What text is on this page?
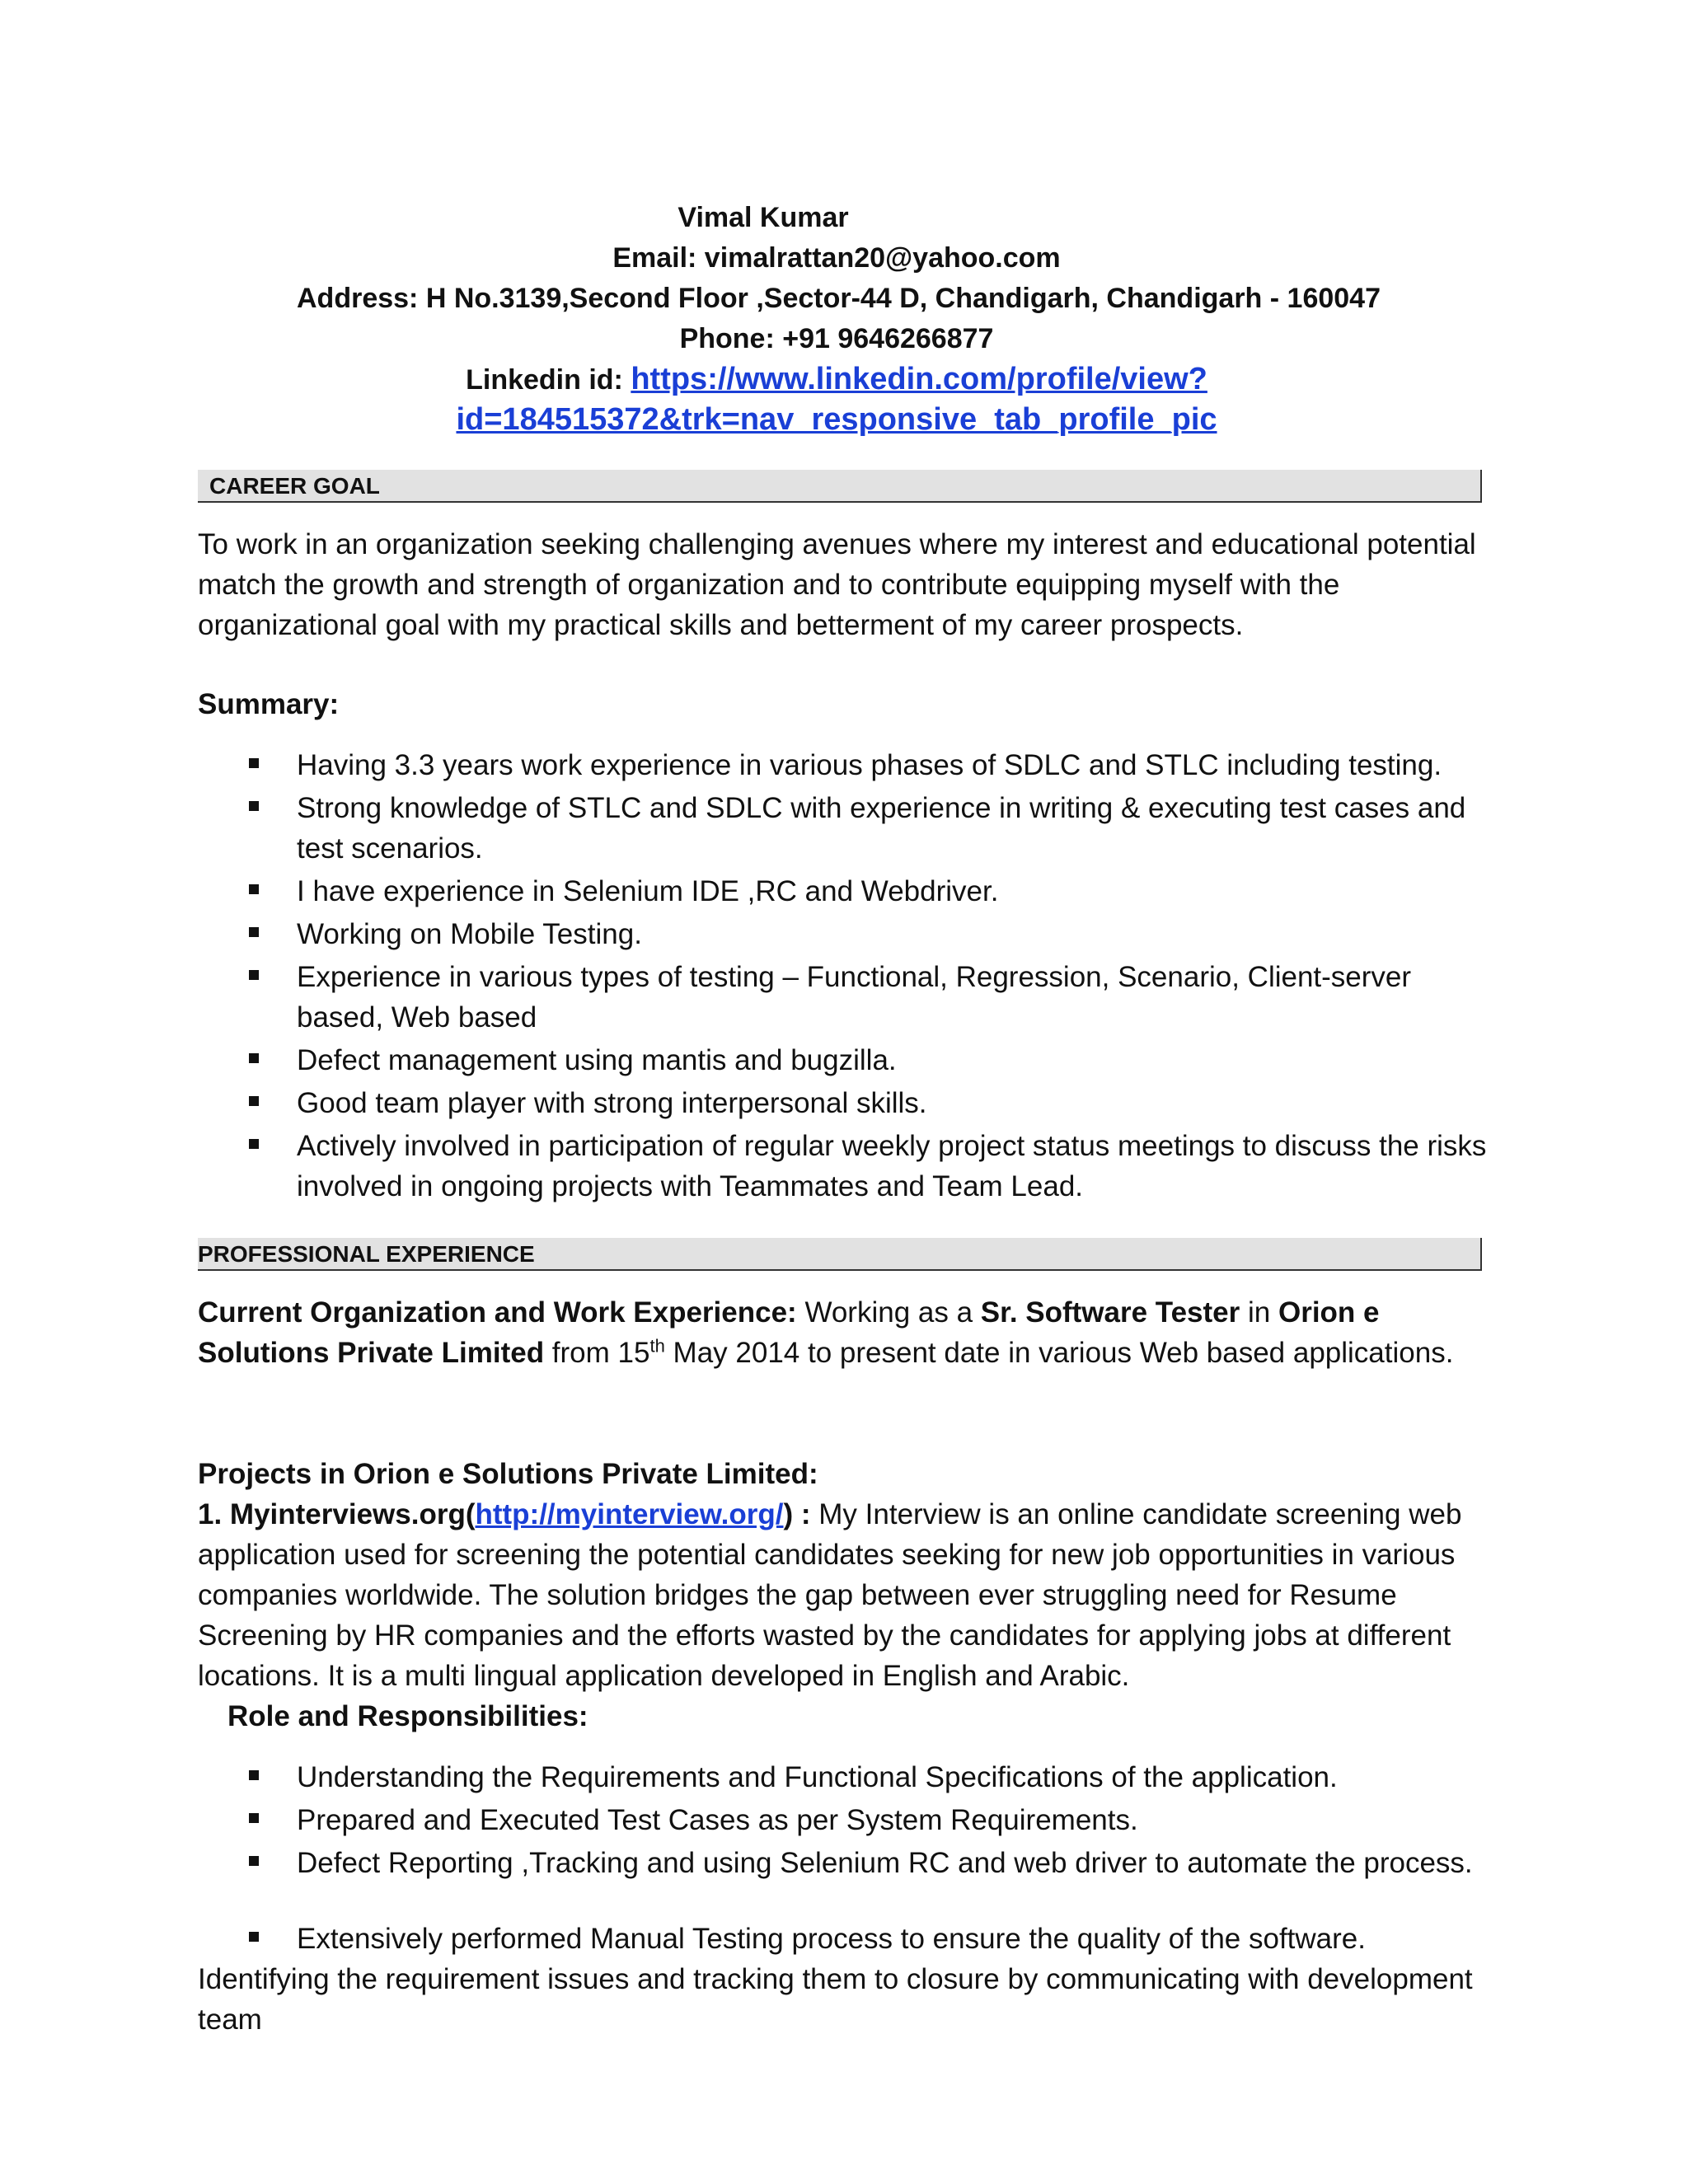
Vimal Kumar
Email: vimalrattan20@yahoo.com
Address: H No.3139,Second Floor ,Sector-44 D, Chandigarh, Chandigarh - 160047
Phone: +91 9646266877
Linkedin id: https://www.linkedin.com/profile/view?
id=184515372&trk=nav_responsive_tab_profile_pic
CAREER GOAL
To work in an organization seeking challenging avenues where my interest and educational potential match the growth and strength of organization and to contribute equipping myself with the organizational goal with my practical skills and betterment of my career prospects.
Summary:
Having 3.3 years work experience in various phases of SDLC and STLC including testing.
Strong knowledge of STLC and SDLC with experience in writing & executing test cases and test scenarios.
I have experience in Selenium IDE ,RC and Webdriver.
Working on Mobile Testing.
Experience in various types of testing – Functional, Regression, Scenario, Client-server based, Web based
Defect management using mantis and bugzilla.
Good team player with strong interpersonal skills.
Actively involved in participation of regular weekly project status meetings to discuss the risks involved in ongoing projects with Teammates and Team Lead.
PROFESSIONAL EXPERIENCE
Current Organization and Work Experience: Working as a Sr. Software Tester in Orion e Solutions Private Limited from 15th May 2014 to present date in various Web based applications.
Projects in Orion e Solutions Private Limited:
1. Myinterviews.org(http://myinterview.org/) : My Interview is an online candidate screening web application used for screening the potential candidates seeking for new job opportunities in various companies worldwide. The solution bridges the gap between ever struggling need for Resume Screening by HR companies and the efforts wasted by the candidates for applying jobs at different locations. It is a multi lingual application developed in English and Arabic.
Role and Responsibilities:
Understanding the Requirements and Functional Specifications of the application.
Prepared and Executed Test Cases as per System Requirements.
Defect Reporting ,Tracking and using Selenium RC and web driver to automate the process.
Extensively performed Manual Testing process to ensure the quality of the software.
Identifying the requirement issues and tracking them to closure by communicating with development team
